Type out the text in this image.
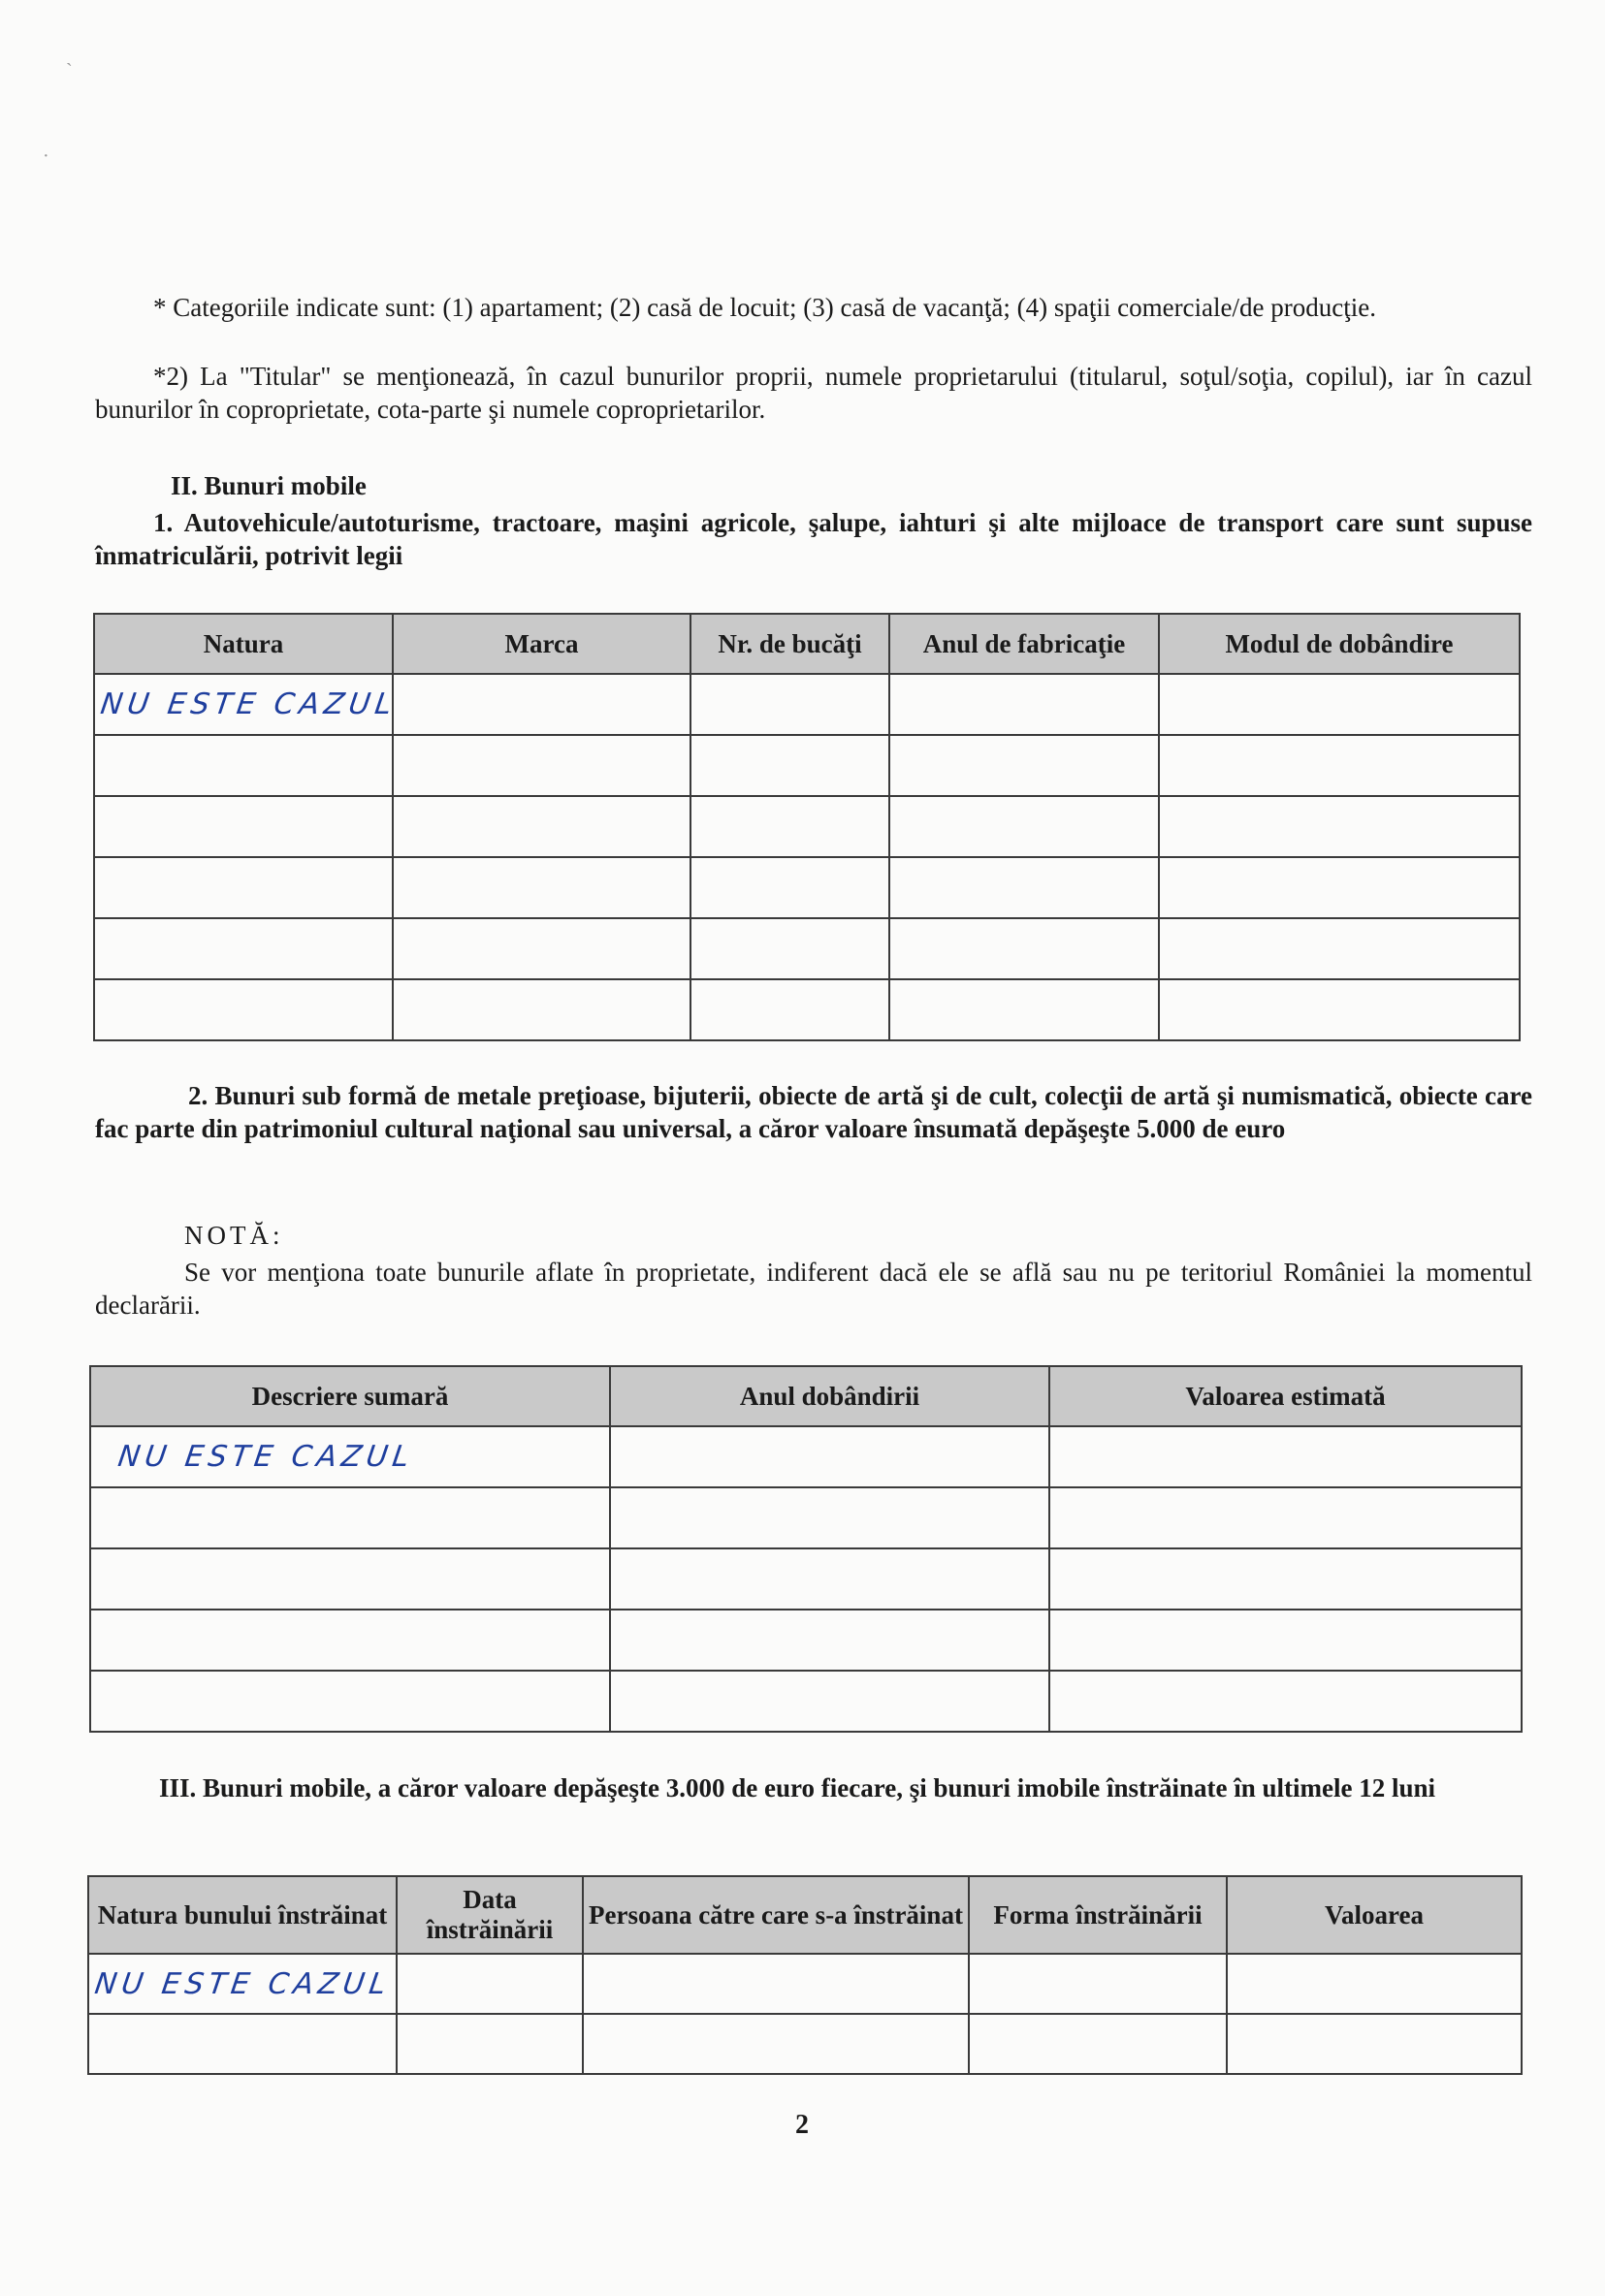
ˋ
·
* Categoriile indicate sunt: (1) apartament; (2) casă de locuit; (3) casă de vacanţă; (4) spaţii comerciale/de producţie.
*2) La "Titular" se menţionează, în cazul bunurilor proprii, numele proprietarului (titularul, soţul/soţia, copilul), iar în cazul bunurilor în coproprietate, cota-parte şi numele coproprietarilor.
II. Bunuri mobile
1. Autovehicule/autoturisme, tractoare, maşini agricole, şalupe, iahturi şi alte mijloace de transport care sunt supuse înmatriculării, potrivit legii
Natura	Marca	Nr. de bucăţi	Anul de fabricaţie	Modul de dobândire

NU ESTE CAZUL				

2. Bunuri sub formă de metale preţioase, bijuterii, obiecte de artă şi de cult, colecţii de artă şi numismatică, obiecte care fac parte din patrimoniul cultural naţional sau universal, a căror valoare însumată depăşeşte 5.000 de euro
NOTĂ:
Se vor menţiona toate bunurile aflate în proprietate, indiferent dacă ele se află sau nu pe teritoriul României la momentul declarării.
Descriere sumară	Anul dobândirii	Valoarea estimată

NU ESTE CAZUL		

III. Bunuri mobile, a căror valoare depăşeşte 3.000 de euro fiecare, şi bunuri imobile înstrăinate în ultimele 12 luni
Natura bunului înstrăinat	Data înstrăinării	Persoana către care s-a înstrăinat	Forma înstrăinării	Valoarea

NU ESTE CAZUL				

2
